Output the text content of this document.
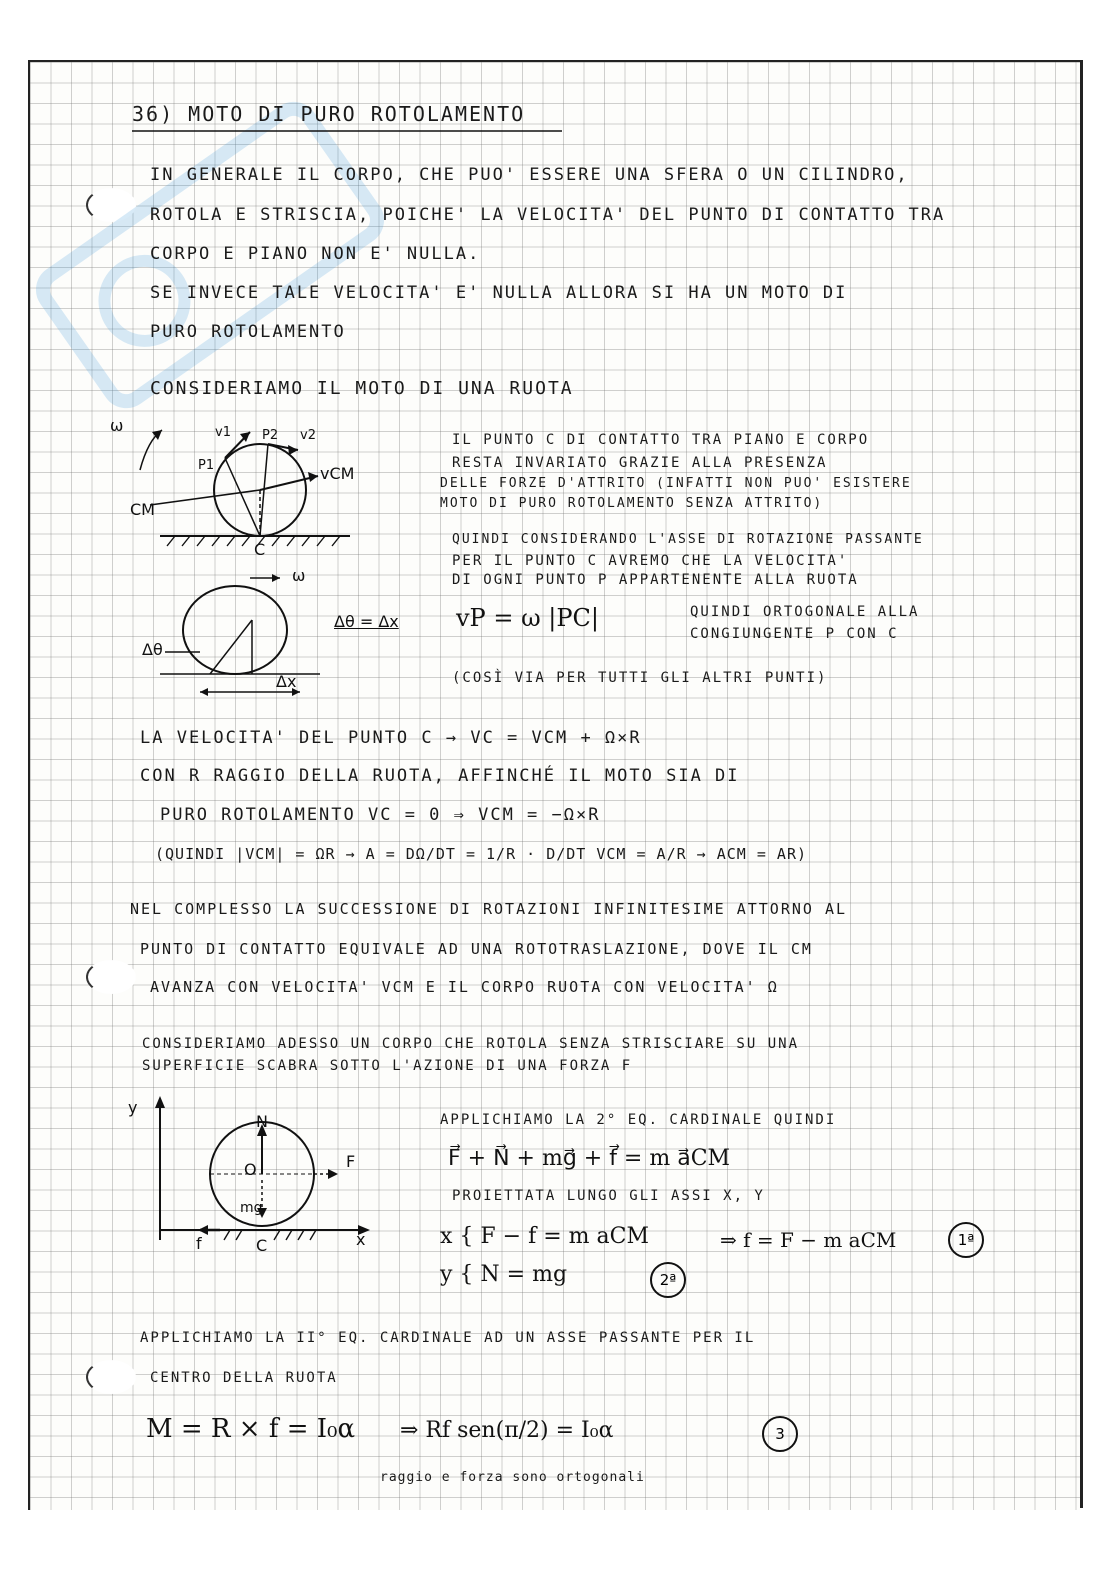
36) MOTO DI PURO ROTOLAMENTO
IN GENERALE IL CORPO, CHE PUO' ESSERE UNA SFERA O UN CILINDRO,
ROTOLA E STRISCIA, POICHE' LA VELOCITA' DEL PUNTO DI CONTATTO TRA
CORPO E PIANO NON E' NULLA.
SE INVECE TALE VELOCITA' E' NULLA ALLORA SI HA UN MOTO DI
PURO ROTOLAMENTO
CONSIDERIAMO IL MOTO DI UNA RUOTA
ω
CM
C
vCM
v1	v2
P1
P2
ω
Δθ
Δx
Δθ = Δx
IL PUNTO C DI CONTATTO TRA PIANO E CORPO
RESTA INVARIATO GRAZIE ALLA PRESENZA
DELLE FORZE D'ATTRITO (INFATTI NON PUO' ESISTERE
MOTO DI PURO ROTOLAMENTO SENZA ATTRITO)
QUINDI CONSIDERANDO L'ASSE DI ROTAZIONE PASSANTE
PER IL PUNTO C AVREMO CHE LA VELOCITA'
DI OGNI PUNTO P APPARTENENTE ALLA RUOTA
vP = ω |PC|	QUINDI ORTOGONALE ALLA
CONGIUNGENTE P CON C
(COSÌ VIA PER TUTTI GLI ALTRI PUNTI)
LA VELOCITA' DEL PUNTO C → VC = VCM + Ω×R
CON R RAGGIO DELLA RUOTA, AFFINCHÉ IL MOTO SIA DI
PURO ROTOLAMENTO VC = 0 ⇒ VCM = −Ω×R
(QUINDI |VCM| = ΩR → Α = DΩ/DT = 1/R · D/DT VCM = A/R → ACM = ΑR)
NEL COMPLESSO LA SUCCESSIONE DI ROTAZIONI INFINITESIME ATTORNO AL
PUNTO DI CONTATTO EQUIVALE AD UNA ROTOTRASLAZIONE, DOVE IL CM
AVANZA CON VELOCITA' VCM E IL CORPO RUOTA CON VELOCITA' Ω
CONSIDERIAMO ADESSO UN CORPO CHE ROTOLA SENZA STRISCIARE SU UNA
SUPERFICIE SCABRA SOTTO L'AZIONE DI UNA FORZA F
y
x
N
F
O
mg
f	C
APPLICHIAMO LA 2° EQ. CARDINALE QUINDI
F⃗ + N⃗ + mg⃗ + f⃗ = m a⃗CM
PROIETTATA LUNGO GLI ASSI X, Y
x { F − f = m aCM	⇒ f = F − m aCM
y { N = mg
1ª
2ª
APPLICHIAMO LA II° EQ. CARDINALE AD UN ASSE PASSANTE PER IL
CENTRO DELLA RUOTA
M = R × f = I₀α ⇒ Rf sen(π/2) = I₀α	3
raggio e forza sono ortogonali
